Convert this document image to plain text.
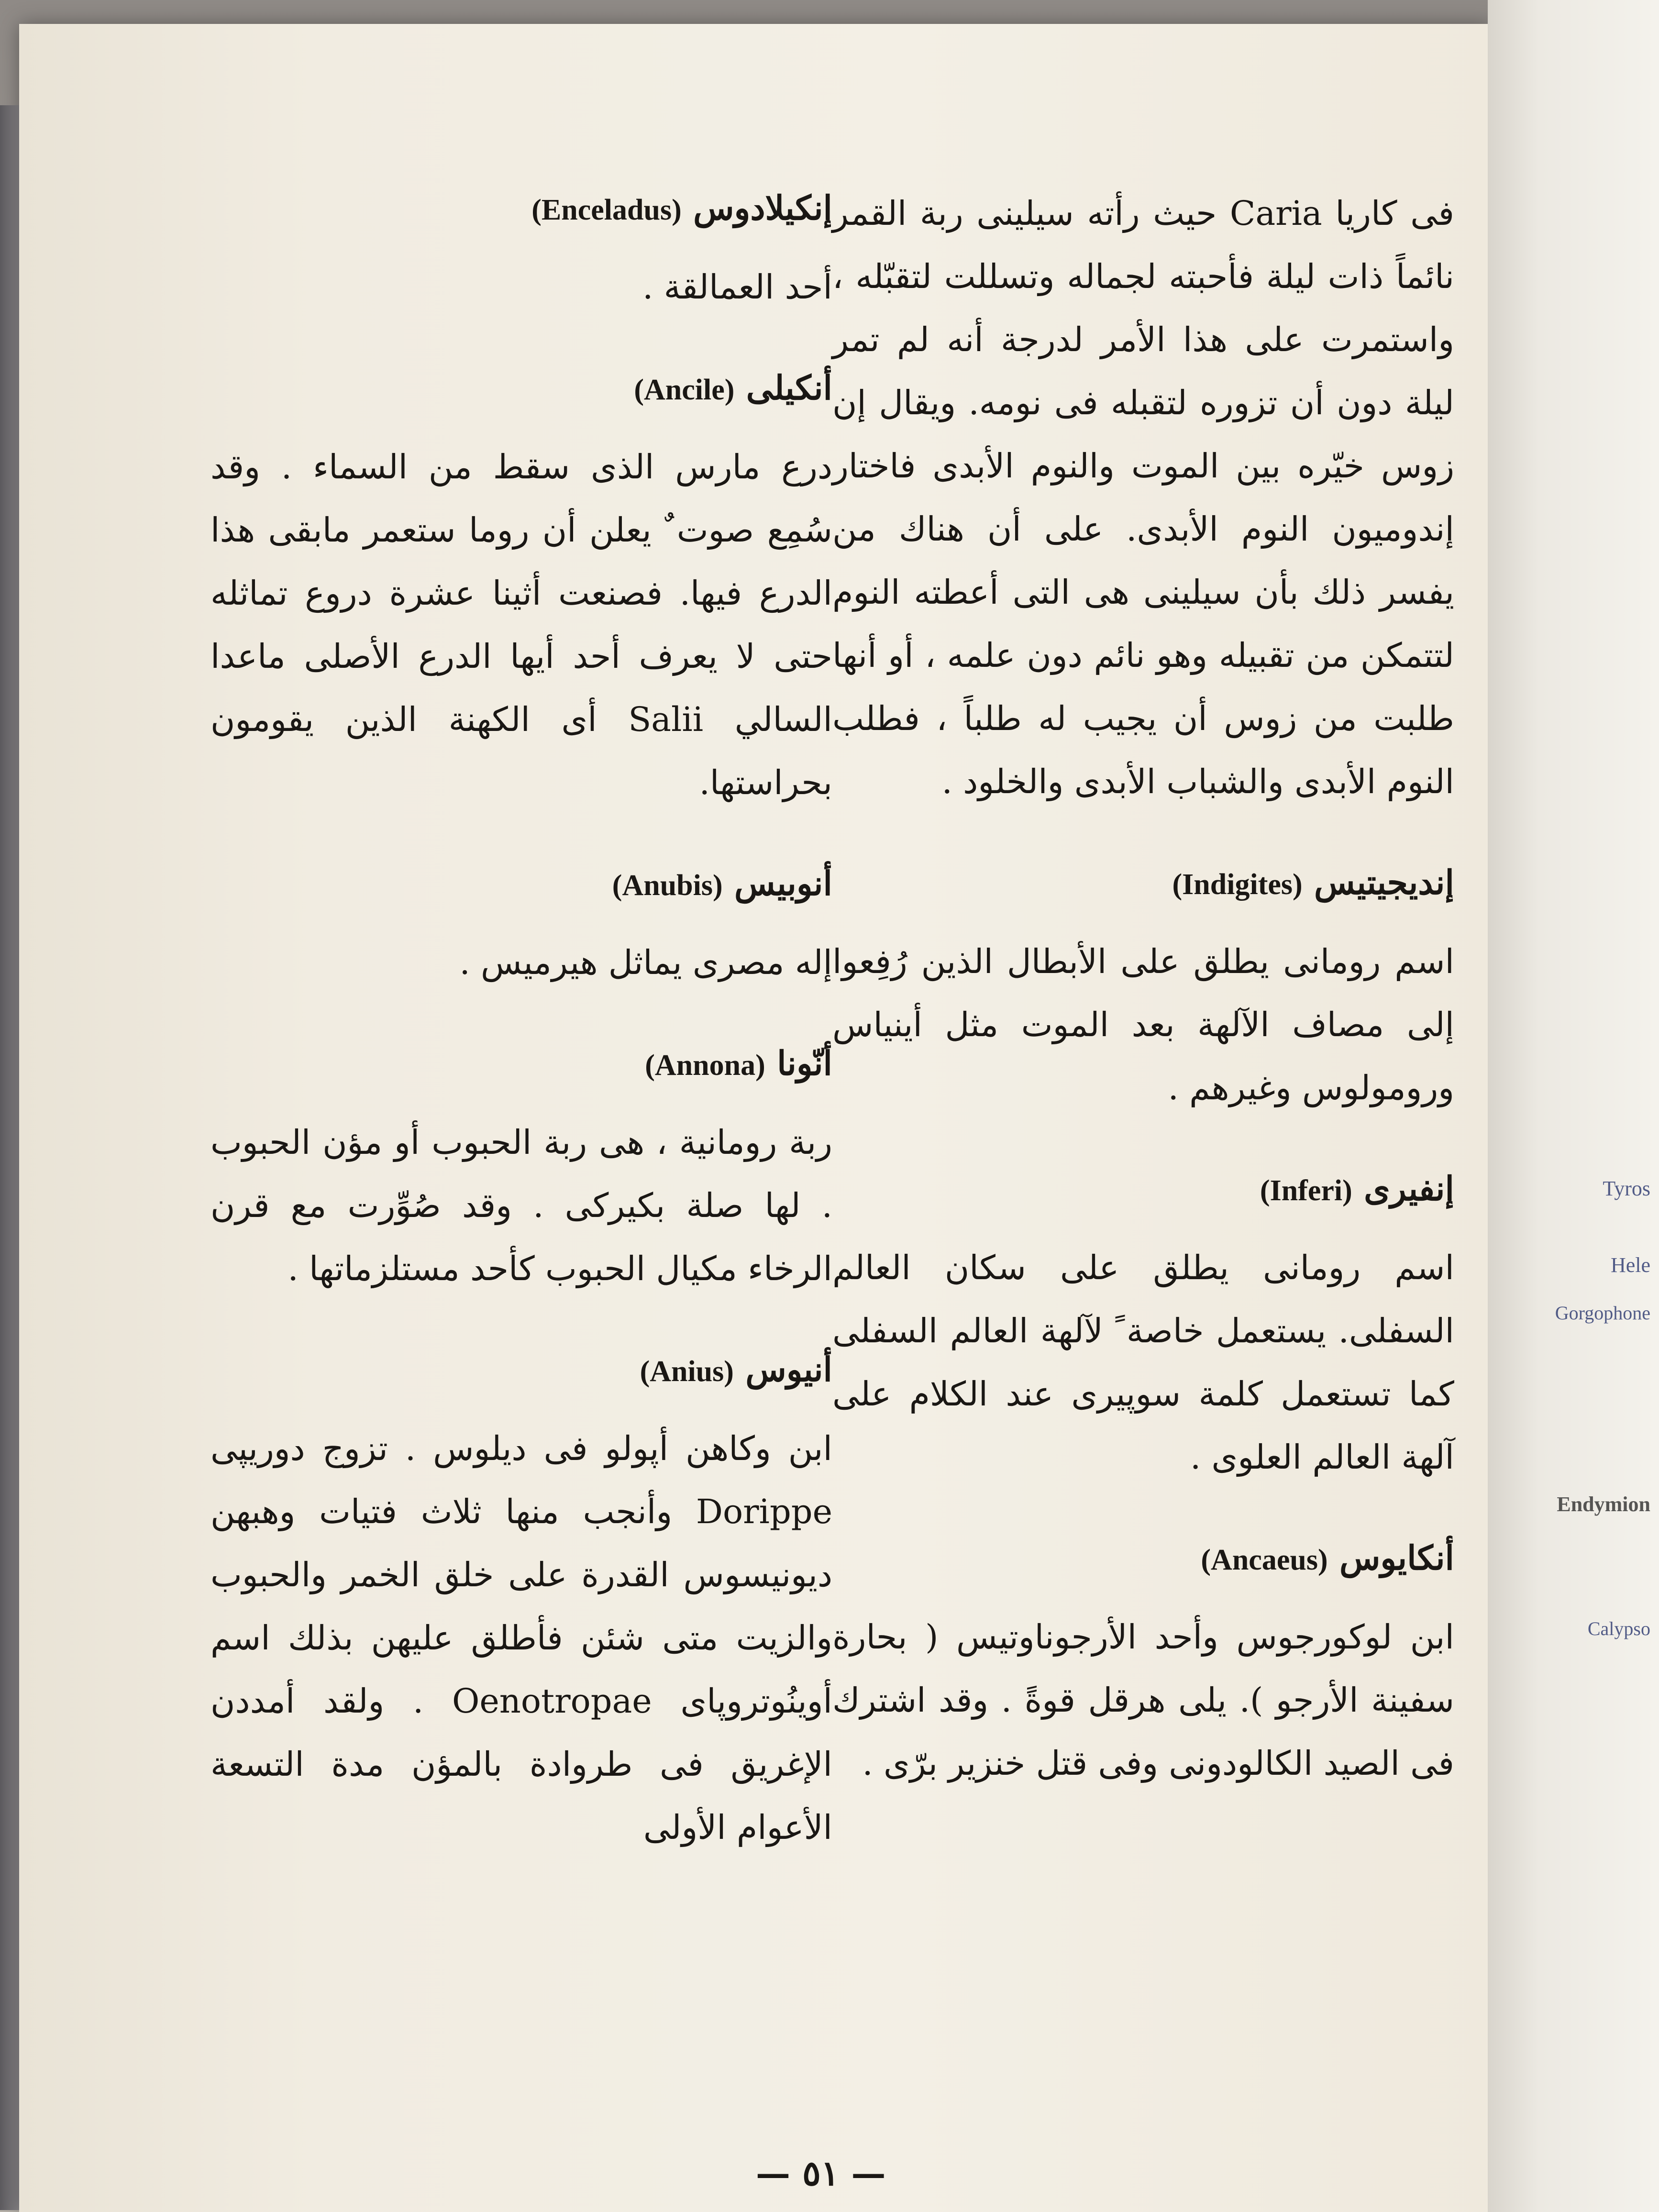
فى كاريا Caria حيث رأته سيلينى ربة القمر نائماً ذات ليلة فأحبته لجماله وتسللت لتقبّله ، واستمرت على هذا الأمر لدرجة أنه لم تمر ليلة دون أن تزوره لتقبله فى نومه. ويقال إن زوس خيّره بين الموت والنوم الأبدى فاختار إندوميون النوم الأبدى. على أن هناك من يفسر ذلك بأن سيلينى هى التى أعطته النوم لتتمكن من تقبيله وهو نائم دون علمه ، أو أنها طلبت من زوس أن يجيب له طلباً ، فطلب النوم الأبدى والشباب الأبدى والخلود .

إنديجيتيس (Indigites)

اسم رومانى يطلق على الأبطال الذين رُفِعوا إلى مصاف الآلهة بعد الموت مثل أينياس ورومولوس وغيرهم .

إنفيرى (Inferi)

اسم رومانى يطلق على سكان العالم السفلى. يستعمل خاصة ً لآلهة العالم السفلى كما تستعمل كلمة سوپيرى عند الكلام على آلهة العالم العلوى .

أنكايوس (Ancaeus)

ابن لوكورجوس وأحد الأرجوناوتيس ( بحارة سفينة الأرجو ). يلى هرقل قوةً . وقد اشترك فى الصيد الكالودونى وفى قتل خنزير برّى .

إنكيلادوس (Enceladus)

أحد العمالقة .

أنكيلى (Ancile)

درع مارس الذى سقط من السماء . وقد سُمِع صوت ٌ يعلن أن روما ستعمر مابقى هذا الدرع فيها. فصنعت أثينا عشرة دروع تماثله حتى لا يعرف أحد أيها الدرع الأصلى ماعدا السالي Salii أى الكهنة الذين يقومون بحراستها.

أنوبيس (Anubis)

إله مصرى يماثل هيرميس .

أنّونا (Annona)

ربة رومانية ، هى ربة الحبوب أو مؤن الحبوب . لها صلة بكيركى . وقد صُوِّرت مع قرن الرخاء مكيال الحبوب كأحد مستلزماتها .

أنيوس (Anius)

ابن وكاهن أپولو فى ديلوس . تزوج دوريپى Dorippe وأنجب منها ثلاث فتيات وهبهن ديونيسوس القدرة على خلق الخمر والحبوب والزيت متى شئن فأطلق عليهن بذلك اسم أوينُوتروپاى Oenotropae . ولقد أمددن الإغريق فى طروادة بالمؤن مدة التسعة الأعوام الأولى

— ٥١ —
Tyros
Hele
Gorgophone
Endymion
Calypso
